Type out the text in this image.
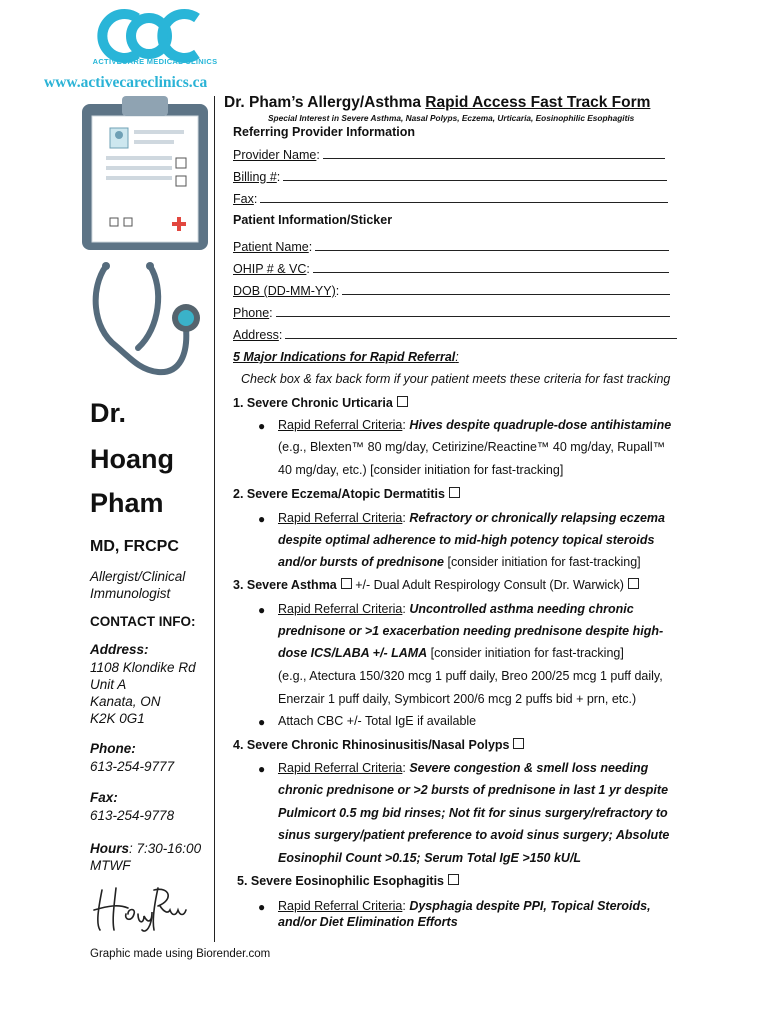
ACTIVECARE MEDICAL CLINICS
www.activecareclinics.ca
Dr.
Hoang
Pham
MD, FRCPC
Allergist/Clinical
Immunologist
CONTACT INFO:
Address:
1108 Klondike Rd
Unit A
Kanata, ON
K2K 0G1
Phone:
613-254-9777
Fax:
613-254-9778
Hours: 7:30-16:00
MTWF
Hoang Pham
Graphic made using Biorender.com
Dr. Pham’s Allergy/Asthma Rapid Access Fast Track Form
Special Interest in Severe Asthma, Nasal Polyps, Eczema, Urticaria, Eosinophilic Esophagitis
Referring Provider Information
Provider Name:
Billing #:
Fax:
Patient Information/Sticker
Patient Name:
OHIP # & VC:
DOB (DD-MM-YY):
Phone:
Address:
5 Major Indications for Rapid Referral:
Check box & fax back form if your patient meets these criteria for fast tracking
1. Severe Chronic Urticaria
● Rapid Referral Criteria: Hives despite quadruple-dose antihistamine
(e.g., Blexten™ 80 mg/day, Cetirizine/Reactine™ 40 mg/day, Rupall™
40 mg/day, etc.) [consider initiation for fast-tracking]
2. Severe Eczema/Atopic Dermatitis
● Rapid Referral Criteria: Refractory or chronically relapsing eczema
despite optimal adherence to mid-high potency topical steroids
and/or bursts of prednisone [consider initiation for fast-tracking]
3. Severe Asthma +/- Dual Adult Respirology Consult (Dr. Warwick)
● Rapid Referral Criteria: Uncontrolled asthma needing chronic
prednisone or >1 exacerbation needing prednisone despite high-
dose ICS/LABA +/- LAMA [consider initiation for fast-tracking]
(e.g., Atectura 150/320 mcg 1 puff daily, Breo 200/25 mcg 1 puff daily,
Enerzair 1 puff daily, Symbicort 200/6 mcg 2 puffs bid + prn, etc.)
● Attach CBC +/- Total IgE if available
4. Severe Chronic Rhinosinusitis/Nasal Polyps
● Rapid Referral Criteria: Severe congestion & smell loss needing
chronic prednisone or >2 bursts of prednisone in last 1 yr despite
Pulmicort 0.5 mg bid rinses; Not fit for sinus surgery/refractory to
sinus surgery/patient preference to avoid sinus surgery; Absolute
Eosinophil Count >0.15; Serum Total IgE >150 kU/L
5. Severe Eosinophilic Esophagitis
● Rapid Referral Criteria: Dysphagia despite PPI, Topical Steroids,
and/or Diet Elimination Efforts
